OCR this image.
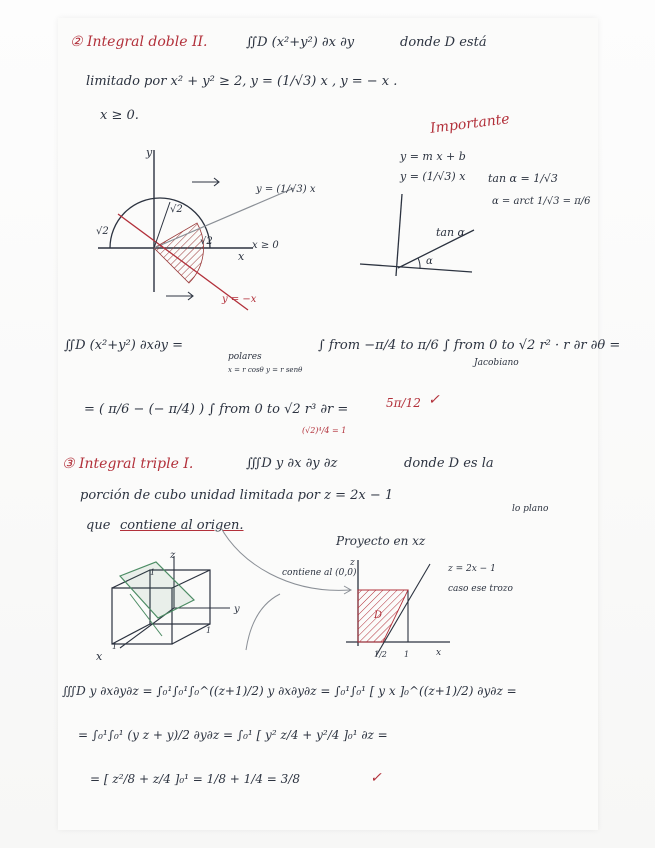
② Integral doble II.	∬D (x²+y²) ∂x ∂y	donde D está
limitado por x² + y² ≥ 2, y = (1/√3) x , y = − x .
x ≥ 0.	Importante
y = m x + b
y = (1/√3) x tan α = 1/√3
α = arct 1/√3 = π/6
y
x
√2
√2
√2
y = (1/√3) x
x ≥ 0
y = −x
tan α
α
∬D (x²+y²) ∂x∂y =
polares
x = r cosθ y = r senθ
∫ from −π/4 to π/6 ∫ from 0 to √2 r² · r ∂r ∂θ =
Jacobiano
= ( π/6 − (− π/4) ) ∫ from 0 to √2 r³ ∂r =	5π/12 ✓
(√2)⁴/4 = 1
③ Integral triple I.	∭D y ∂x ∂y ∂z	donde D es la
porción de cubo unidad limitada por z = 2x − 1
lo plano
que contiene al origen.
Proyecto en xz
z
y
x
1
1
1
contiene al (0,0)	z = 2x − 1
caso ese trozo
z
x
1/2 1
D
∭D y ∂x∂y∂z = ∫₀¹∫₀¹∫₀^((z+1)/2) y ∂x∂y∂z = ∫₀¹∫₀¹ [ y x ]₀^((z+1)/2) ∂y∂z =
= ∫₀¹∫₀¹ (y z + y)/2 ∂y∂z = ∫₀¹ [ y² z/4 + y²/4 ]₀¹ ∂z =
= [ z²/8 + z/4 ]₀¹ = 1/8 + 1/4 = 3/8	✓
